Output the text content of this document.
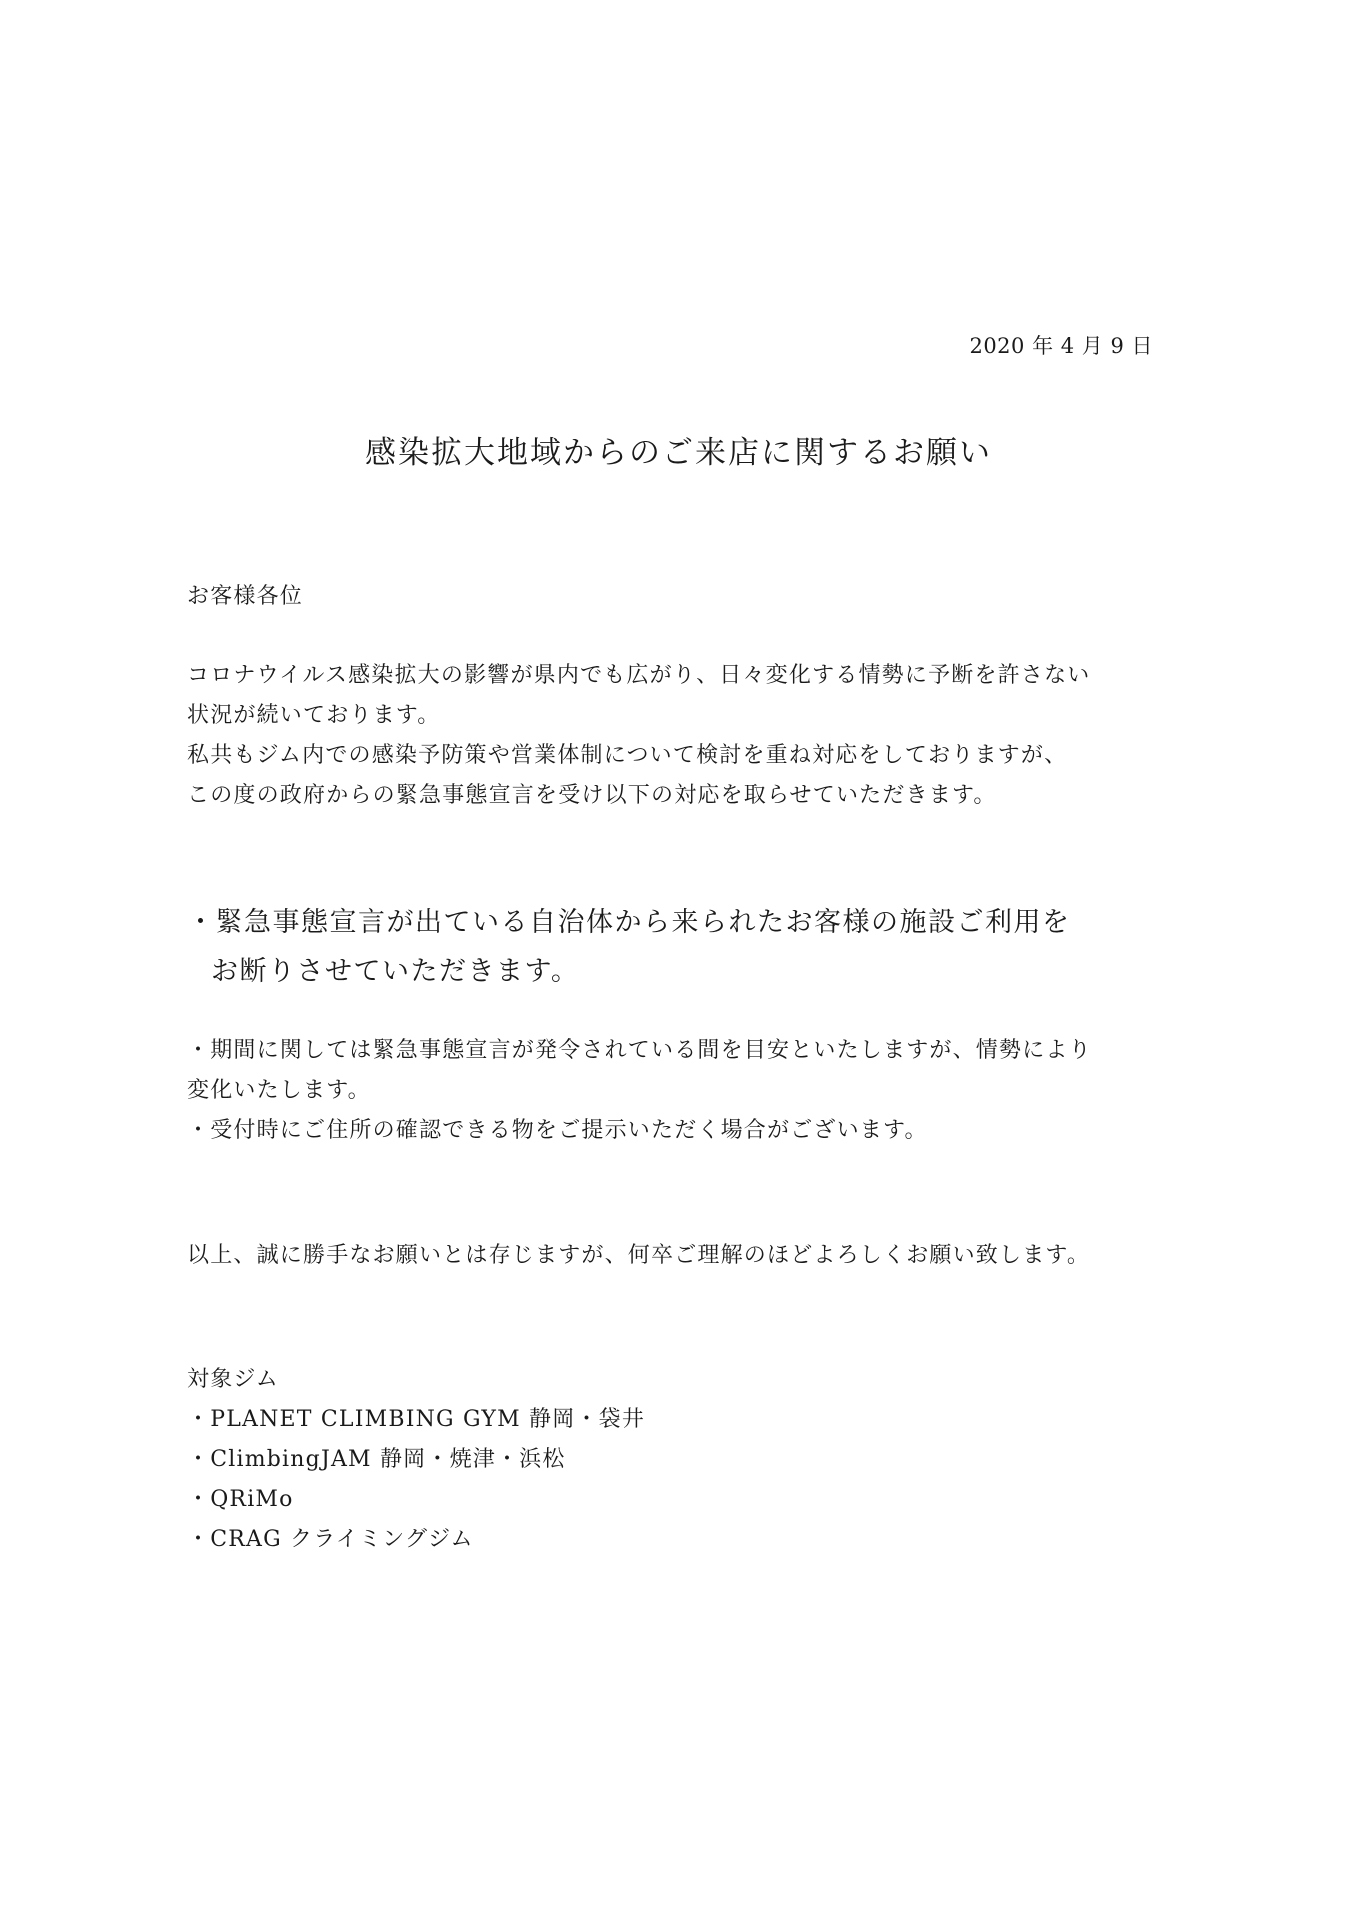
2020 年 4 月 9 日
感染拡大地域からのご来店に関するお願い
お客様各位
コロナウイルス感染拡大の影響が県内でも広がり、日々変化する情勢に予断を許さない
状況が続いております。
私共もジム内での感染予防策や営業体制について検討を重ね対応をしておりますが、
この度の政府からの緊急事態宣言を受け以下の対応を取らせていただきます。
・緊急事態宣言が出ている自治体から来られたお客様の施設ご利用を
お断りさせていただきます。
・期間に関しては緊急事態宣言が発令されている間を目安といたしますが、情勢により
変化いたします。
・受付時にご住所の確認できる物をご提示いただく場合がございます。
以上、誠に勝手なお願いとは存じますが、何卒ご理解のほどよろしくお願い致します。
対象ジム
・PLANET CLIMBING GYM 静岡・袋井
・ClimbingJAM 静岡・焼津・浜松
・QRiMo
・CRAG クライミングジム
